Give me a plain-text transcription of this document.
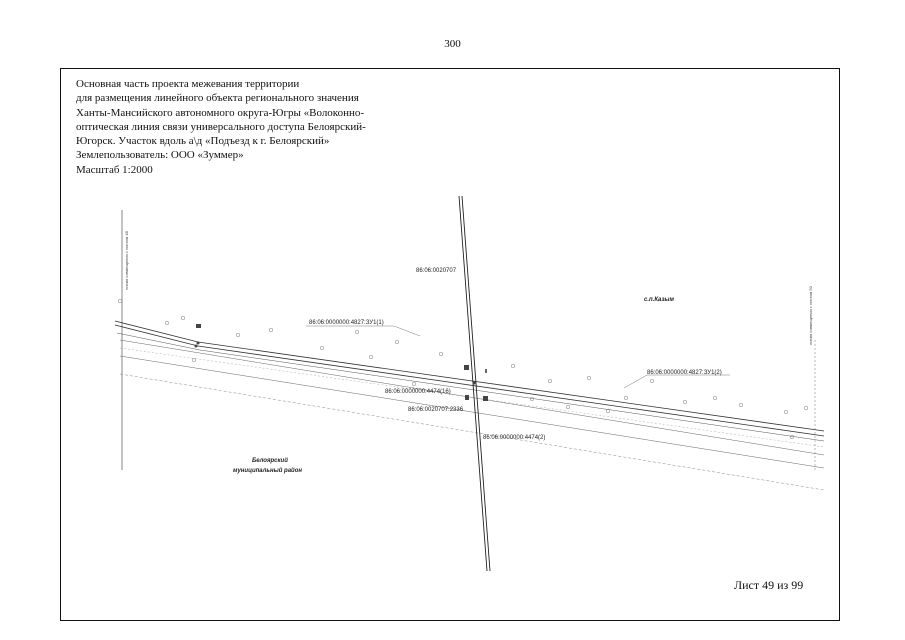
300
Основная часть проекта межевания территории
для размещения линейного объекта регионального значения
Ханты-Мансийского автономного округа-Югры «Волоконно-
оптическая линия связи универсального доступа Белоярский-
Югорск. Участок вдоль а\д «Подъезд к г. Белоярский»
Землепользователь: ООО «Зуммер»
Масштаб 1:2000
линия совмещения с листом 48
линия совмещения с листом 50
86:06:0020707
86:06:0000000:4827:ЗУ1(1)
86:06:0000000:4827:ЗУ1(2)
86:06:0000000:4474(16)
86:06:0020707:2336
86:06:0000000:4474(2)
с.п.Казым
Белоярский
муниципальный район
Лист 49 из 99
